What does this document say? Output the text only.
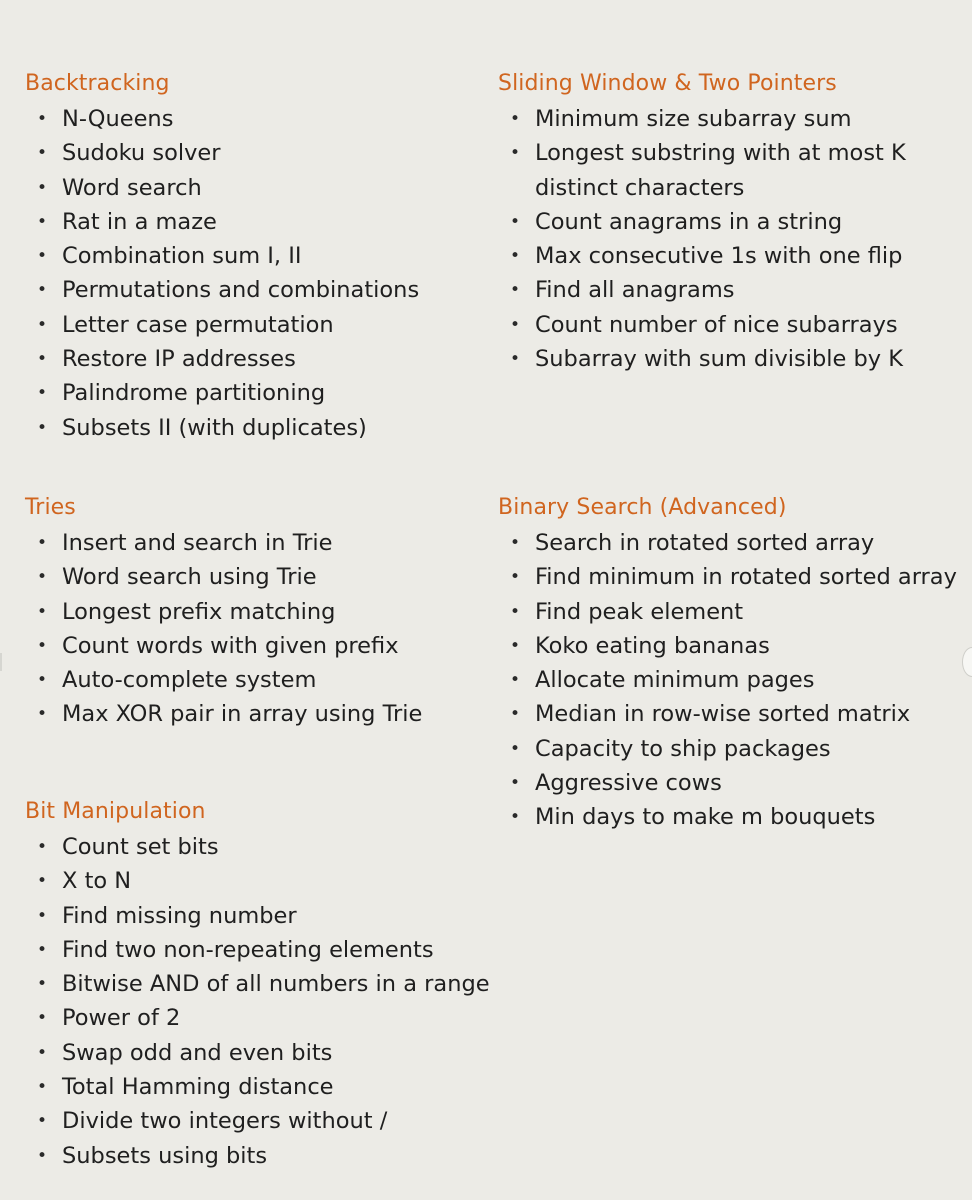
Backtracking
• N-Queens
• Sudoku solver
• Word search
• Rat in a maze
• Combination sum I, II
• Permutations and combinations
• Letter case permutation
• Restore IP addresses
• Palindrome partitioning
• Subsets II (with duplicates)
Sliding Window & Two Pointers
• Minimum size subarray sum
• Longest substring with at most K distinct characters
• Count anagrams in a string
• Max consecutive 1s with one flip
• Find all anagrams
• Count number of nice subarrays
• Subarray with sum divisible by K
Tries
• Insert and search in Trie
• Word search using Trie
• Longest prefix matching
• Count words with given prefix
• Auto-complete system
• Max XOR pair in array using Trie
Binary Search (Advanced)
• Search in rotated sorted array
• Find minimum in rotated sorted array
• Find peak element
• Koko eating bananas
• Allocate minimum pages
• Median in row-wise sorted matrix
• Capacity to ship packages
• Aggressive cows
• Min days to make m bouquets
Bit Manipulation
• Count set bits
• X to N
• Find missing number
• Find two non-repeating elements
• Bitwise AND of all numbers in a range
• Power of 2
• Swap odd and even bits
• Total Hamming distance
• Divide two integers without /
• Subsets using bits
